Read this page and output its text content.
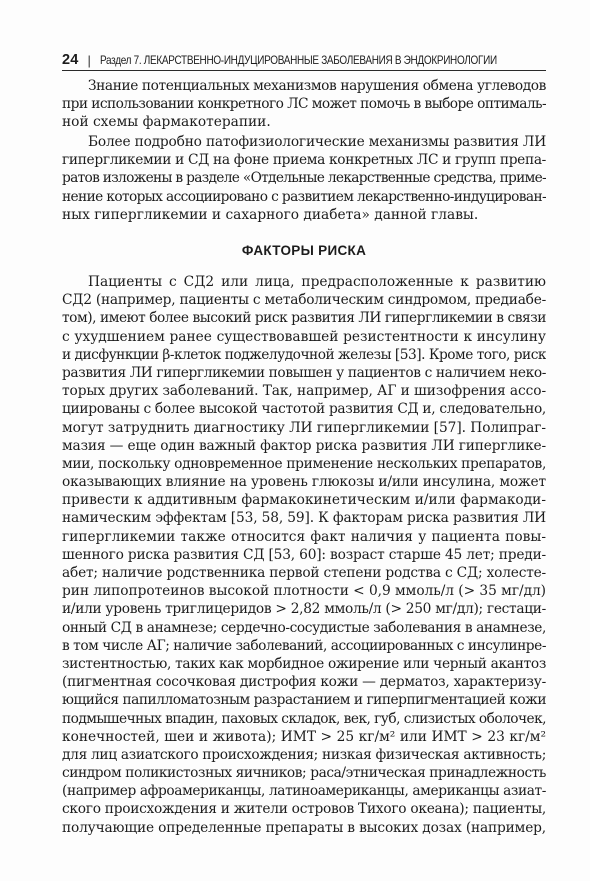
24 | Раздел 7. ЛЕКАРСТВЕННО-ИНДУЦИРОВАННЫЕ ЗАБОЛЕВАНИЯ В ЭНДОКРИНОЛОГИИ
Знание потенциальных механизмов нарушения обмена углеводов
при использовании конкретного ЛС может помочь в выборе оптималь-
ной схемы фармакотерапии.
Более подробно патофизиологические механизмы развития ЛИ
гипергликемии и СД на фоне приема конкретных ЛС и групп препа-
ратов изложены в разделе «Отдельные лекарственные средства, приме-
нение которых ассоциировано с развитием лекарственно-индуцирован-
ных гипергликемии и сахарного диабета» данной главы.
ФАКТОРЫ РИСКА
Пациенты с СД2 или лица, предрасположенные к развитию
СД2 (например, пациенты с метаболическим синдромом, предиабе-
том), имеют более высокий риск развития ЛИ гипергликемии в связи
с ухудшением ранее существовавшей резистентности к инсулину
и дисфункции β-клеток поджелудочной железы [53]. Кроме того, риск
развития ЛИ гипергликемии повышен у пациентов с наличием неко-
торых других заболеваний. Так, например, АГ и шизофрения ассо-
циированы с более высокой частотой развития СД и, следовательно,
могут затруднить диагностику ЛИ гипергликемии [57]. Полипраг-
мазия — еще один важный фактор риска развития ЛИ гипергликe-
мии, поскольку одновременное применение нескольких препаратов,
оказывающих влияние на уровень глюкозы и/или инсулина, может
привести к аддитивным фармакокинетическим и/или фармакоди-
намическим эффектам [53, 58, 59]. К факторам риска развития ЛИ
гипергликемии также относится факт наличия у пациента повы-
шенного риска развития СД [53, 60]: возраст старше 45 лет; преди-
абет; наличие родственника первой степени родства с СД; холесте-
рин липопротеинов высокой плотности < 0,9 ммоль/л (> 35 мг/дл)
и/или уровень триглицеридов > 2,82 ммоль/л (> 250 мг/дл); гестаци-
онный СД в анамнезе; сердечно-сосудистые заболевания в анамнезе,
в том числе АГ; наличие заболеваний, ассоциированных с инсулинре-
зистентностью, таких как морбидное ожирение или черный акантоз
(пигментная сосочковая дистрофия кожи — дерматоз, характеризу-
ющийся папилломатозным разрастанием и гиперпигментацией кожи
подмышечных впадин, паховых складок, век, губ, слизистых оболочек,
конечностей, шеи и живота); ИМТ > 25 кг/м² или ИМТ > 23 кг/м²
для лиц азиатского происхождения; низкая физическая активность;
синдром поликистозных яичников; раса/этническая принадлежность
(например афроамериканцы, латиноамериканцы, американцы азиат-
ского происхождения и жители островов Тихого океана); пациенты,
получающие определенные препараты в высоких дозах (например,
